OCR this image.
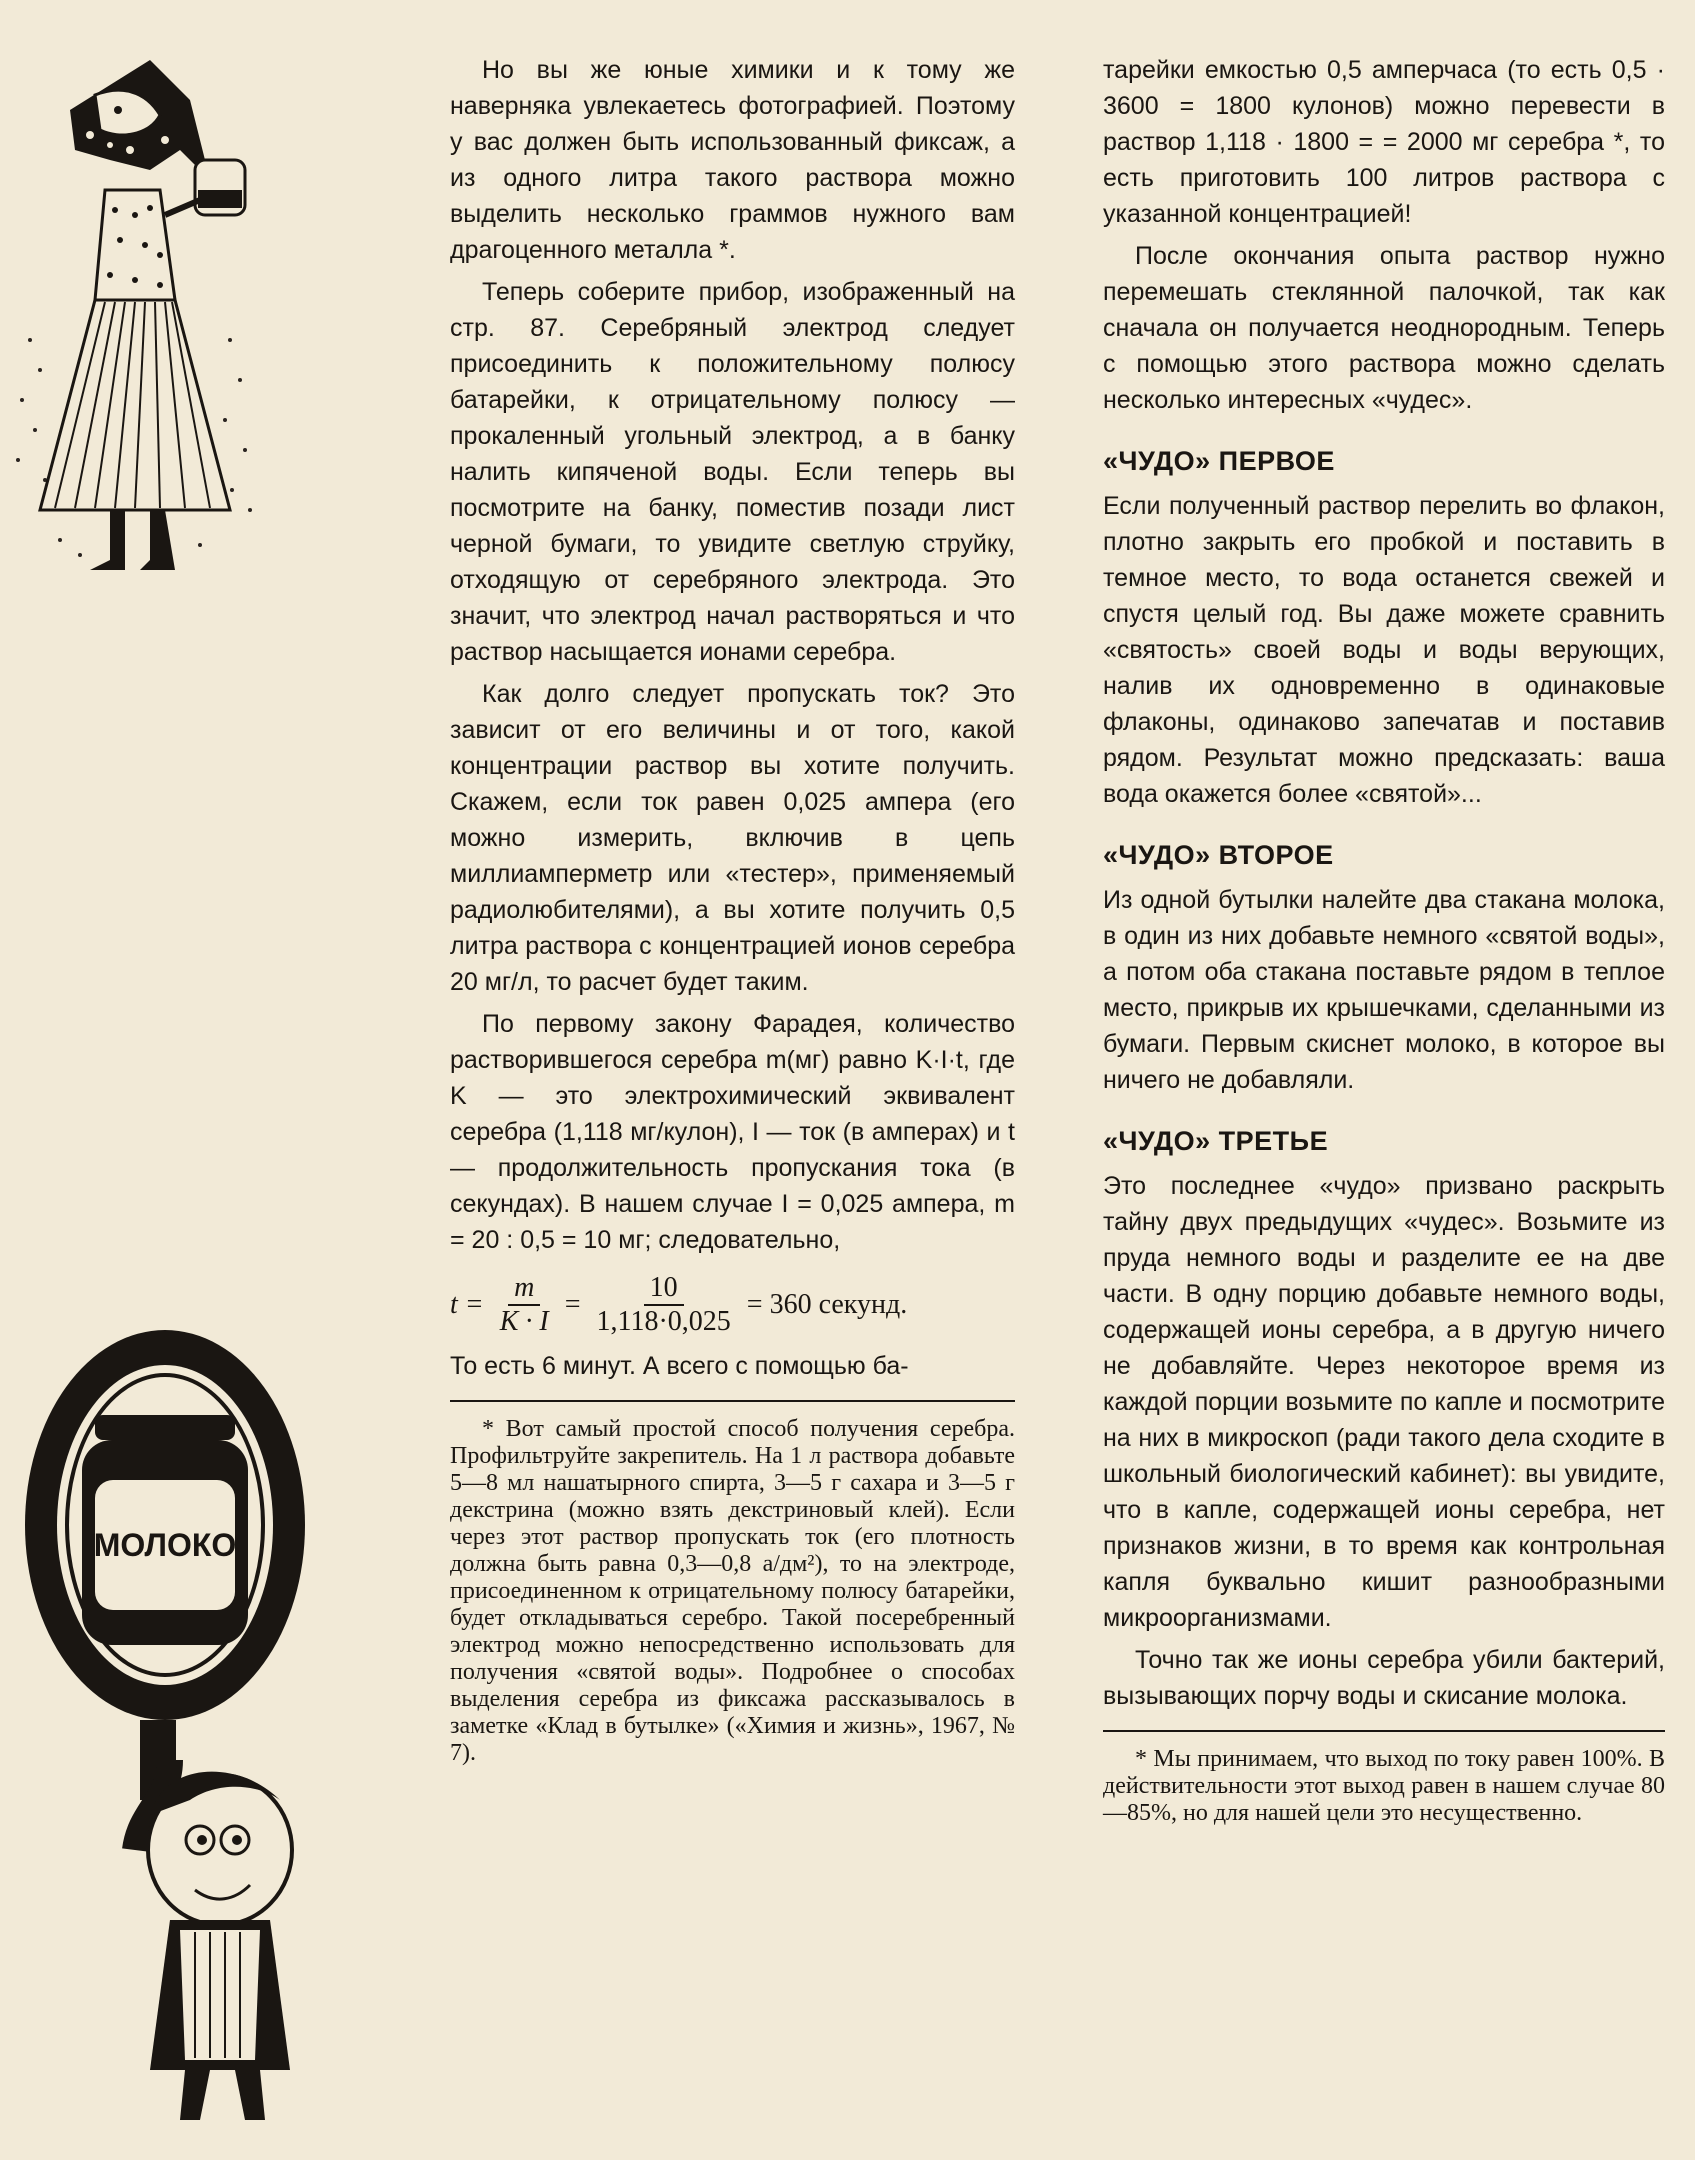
МОЛОКО

Но вы же юные химики и к тому же наверняка увлекаетесь фотографией. Поэтому у вас должен быть использованный фиксаж, а из одного литра такого раствора можно выделить несколько граммов нужного вам драгоценного металла *.

Теперь соберите прибор, изображенный на стр. 87. Серебряный электрод следует присоединить к положительному полюсу батарейки, к отрицательному полюсу — прокаленный угольный электрод, а в банку налить кипяченой воды. Если теперь вы посмотрите на банку, поместив позади лист черной бумаги, то увидите светлую струйку, отходящую от серебряного электрода. Это значит, что электрод начал растворяться и что раствор насыщается ионами серебра.

Как долго следует пропускать ток? Это зависит от его величины и от того, какой концентрации раствор вы хотите получить. Скажем, если ток равен 0,025 ампера (его можно измерить, включив в цепь миллиамперметр или «тестер», применяемый радиолюбителями), а вы хотите получить 0,5 литра раствора с концентрацией ионов серебра 20 мг/л, то расчет будет таким.

По первому закону Фарадея, количество растворившегося серебра m(мг) равно K·I·t, где K — это электрохимический эквивалент серебра (1,118 мг/кулон), I — ток (в амперах) и t — продолжительность пропускания тока (в секундах). В нашем случае I = 0,025 ампера, m = 20 : 0,5 = 10 мг; следовательно,

$t = \frac{m}{K \cdot I} = \frac{10}{1,118\cdot 0,025} = 360$ секунд.

То есть 6 минут. А всего с помощью ба-

* Вот самый простой способ получения серебра. Профильтруйте закрепитель. На 1 л раствора добавьте 5—8 мл нашатырного спирта, 3—5 г сахара и 3—5 г декстрина (можно взять декстриновый клей). Если через этот раствор пропускать ток (его плотность должна быть равна 0,3—0,8 а/дм²), то на электроде, присоединенном к отрицательному полюсу батарейки, будет откладываться серебро. Такой посеребренный электрод можно непосредственно использовать для получения «святой воды». Подробнее о способах выделения серебра из фиксажа рассказывалось в заметке «Клад в бутылке» («Химия и жизнь», 1967, № 7).

тарейки емкостью 0,5 амперчаса (то есть 0,5 · 3600 = 1800 кулонов) можно перевести в раствор 1,118 · 1800 = = 2000 мг серебра *, то есть приготовить 100 литров раствора с указанной концентрацией!

После окончания опыта раствор нужно перемешать стеклянной палочкой, так как сначала он получается неоднородным. Теперь с помощью этого раствора можно сделать несколько интересных «чудес».

«ЧУДО» ПЕРВОЕ

Если полученный раствор перелить во флакон, плотно закрыть его пробкой и поставить в темное место, то вода останется свежей и спустя целый год. Вы даже можете сравнить «святость» своей воды и воды верующих, налив их одновременно в одинаковые флаконы, одинаково запечатав и поставив рядом. Результат можно предсказать: ваша вода окажется более «святой»...

«ЧУДО» ВТОРОЕ

Из одной бутылки налейте два стакана молока, в один из них добавьте немного «святой воды», а потом оба стакана поставьте рядом в теплое место, прикрыв их крышечками, сделанными из бумаги. Первым скиснет молоко, в которое вы ничего не добавляли.

«ЧУДО» ТРЕТЬЕ

Это последнее «чудо» призвано раскрыть тайну двух предыдущих «чудес». Возьмите из пруда немного воды и разделите ее на две части. В одну порцию добавьте немного воды, содержащей ионы серебра, а в другую ничего не добавляйте. Через некоторое время из каждой порции возьмите по капле и посмотрите на них в микроскоп (ради такого дела сходите в школьный биологический кабинет): вы увидите, что в капле, содержащей ионы серебра, нет признаков жизни, в то время как контрольная капля буквально кишит разнообразными микроорганизмами.

Точно так же ионы серебра убили бактерий, вызывающих порчу воды и скисание молока.

* Мы принимаем, что выход по току равен 100%. В действительности этот выход равен в нашем случае 80—85%, но для нашей цели это несущественно.
